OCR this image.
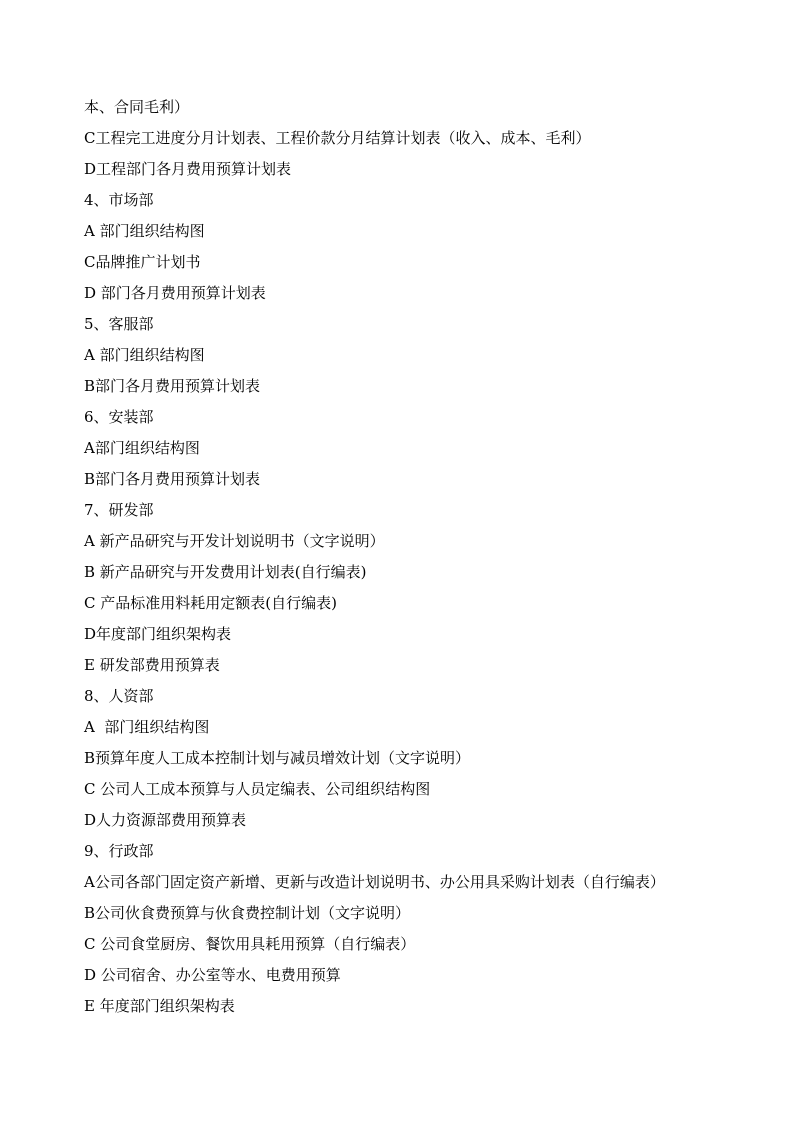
本、合同毛利）
C工程完工进度分月计划表、工程价款分月结算计划表（收入、成本、毛利）
D工程部门各月费用预算计划表
4、市场部
A 部门组织结构图
C品牌推广计划书
D 部门各月费用预算计划表
5、客服部
A 部门组织结构图
B部门各月费用预算计划表
6、安装部
A部门组织结构图
B部门各月费用预算计划表
7、研发部
A 新产品研究与开发计划说明书（文字说明）
B 新产品研究与开发费用计划表(自行编表)
C 产品标准用料耗用定额表(自行编表)
D年度部门组织架构表
E 研发部费用预算表
8、人资部
A  部门组织结构图
B预算年度人工成本控制计划与减员增效计划（文字说明）
C 公司人工成本预算与人员定编表、公司组织结构图
D人力资源部费用预算表
9、行政部
A公司各部门固定资产新增、更新与改造计划说明书、办公用具采购计划表（自行编表）
B公司伙食费预算与伙食费控制计划（文字说明）
C 公司食堂厨房、餐饮用具耗用预算（自行编表）
D 公司宿舍、办公室等水、电费用预算
E 年度部门组织架构表
